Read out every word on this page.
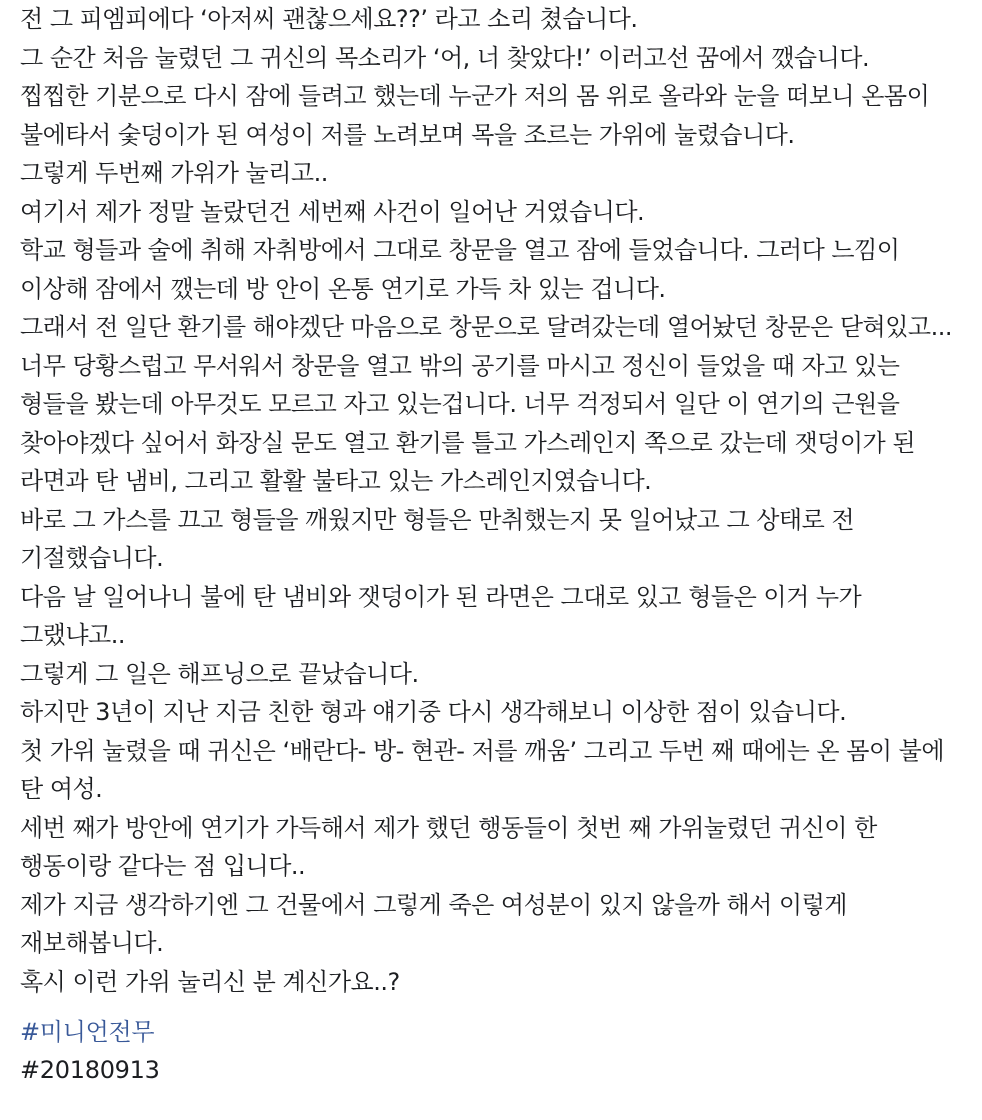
전 그 피엠피에다 ‘아저씨 괜찮으세요??’ 라고 소리 쳤습니다.

그 순간 처음 눌렸던 그 귀신의 목소리가 ‘어, 너 찾았다!’ 이러고선 꿈에서 깼습니다.

찝찝한 기분으로 다시 잠에 들려고 했는데 누군가 저의 몸 위로 올라와 눈을 떠보니 온몸이 불에타서 숯덩이가 된 여성이 저를 노려보며 목을 조르는 가위에 눌렸습니다.

그렇게 두번째 가위가 눌리고..

여기서 제가 정말 놀랐던건 세번째 사건이 일어난 거였습니다.

학교 형들과 술에 취해 자취방에서 그대로 창문을 열고 잠에 들었습니다. 그러다 느낌이 이상해 잠에서 깼는데 방 안이 온통 연기로 가득 차 있는 겁니다.

그래서 전 일단 환기를 해야겠단 마음으로 창문으로 달려갔는데 열어놨던 창문은 닫혀있고...

너무 당황스럽고 무서워서 창문을 열고 밖의 공기를 마시고 정신이 들었을 때 자고 있는 형들을 봤는데 아무것도 모르고 자고 있는겁니다. 너무 걱정되서 일단 이 연기의 근원을 찾아야겠다 싶어서 화장실 문도 열고 환기를 틀고 가스레인지 쪽으로 갔는데 잿덩이가 된 라면과 탄 냄비, 그리고 활활 불타고 있는 가스레인지였습니다.

바로 그 가스를 끄고 형들을 깨웠지만 형들은 만취했는지 못 일어났고 그 상태로 전 기절했습니다.

다음 날 일어나니 불에 탄 냄비와 잿덩이가 된 라면은 그대로 있고 형들은 이거 누가 그랬냐고..

그렇게 그 일은 해프닝으로 끝났습니다.

하지만 3년이 지난 지금 친한 형과 얘기중 다시 생각해보니 이상한 점이 있습니다.

첫 가위 눌렸을 때 귀신은 ‘배란다- 방- 현관- 저를 깨움’ 그리고 두번 째 때에는 온 몸이 불에 탄 여성.

세번 째가 방안에 연기가 가득해서 제가 했던 행동들이 첫번 째 가위눌렸던 귀신이 한 행동이랑 같다는 점 입니다..

제가 지금 생각하기엔 그 건물에서 그렇게 죽은 여성분이 있지 않을까 해서 이렇게 재보해봅니다.

혹시 이런 가위 눌리신 분 계신가요..?

#미니언전무
#20180913
